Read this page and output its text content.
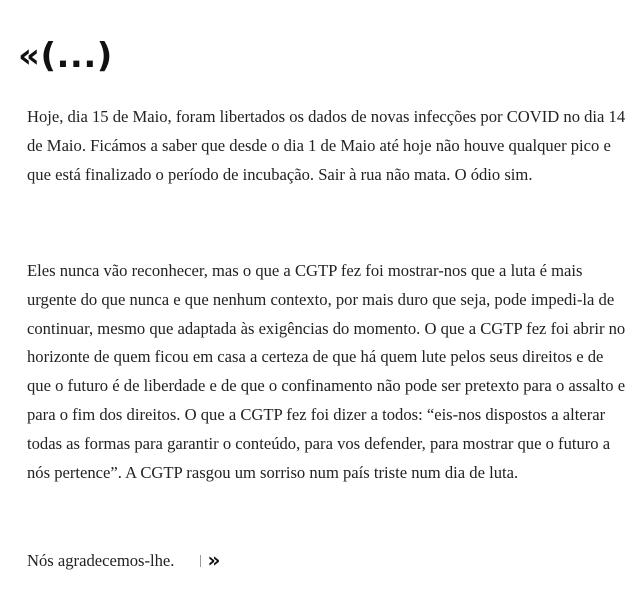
«(...)

Hoje, dia 15 de Maio, foram libertados os dados de novas infecções por COVID no dia 14 de Maio. Ficámos a saber que desde o dia 1 de Maio até hoje não houve qualquer pico e que está finalizado o período de incubação. Sair à rua não mata. O ódio sim.

Eles nunca vão reconhecer, mas o que a CGTP fez foi mostrar-nos que a luta é mais urgente do que nunca e que nenhum contexto, por mais duro que seja, pode impedi-la de continuar, mesmo que adaptada às exigências do momento. O que a CGTP fez foi abrir no horizonte de quem ficou em casa a certeza de que há quem lute pelos seus direitos e de que o futuro é de liberdade e de que o confinamento não pode ser pretexto para o assalto e para o fim dos direitos. O que a CGTP fez foi dizer a todos: “eis-nos dispostos a alterar todas as formas para garantir o conteúdo, para vos defender, para mostrar que o futuro a nós pertence”. A CGTP rasgou um sorriso num país triste num dia de luta.

Nós agradecemos-lhe. »
